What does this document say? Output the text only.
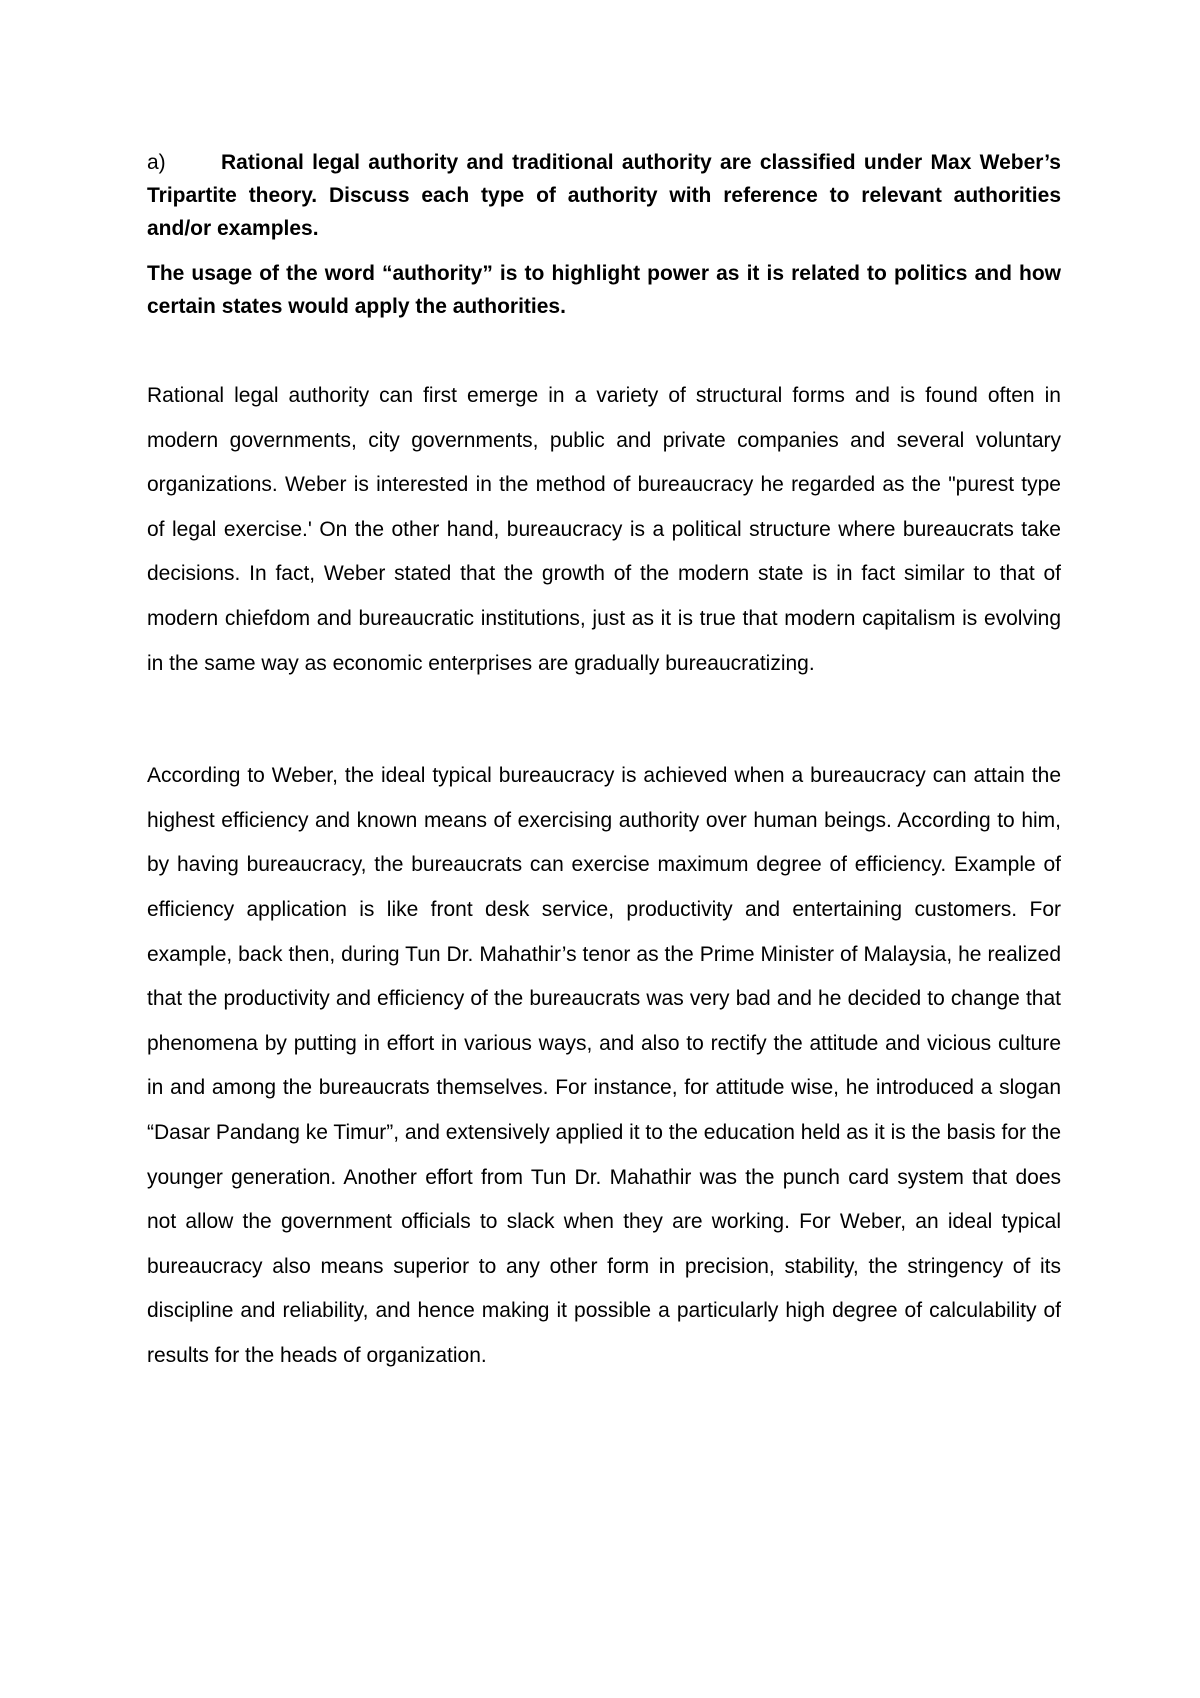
a)	Rational legal authority and traditional authority are classified under Max Weber’s Tripartite theory. Discuss each type of authority with reference to relevant authorities and/or examples.

The usage of the word “authority” is to highlight power as it is related to politics and how certain states would apply the authorities.

Rational legal authority can first emerge in a variety of structural forms and is found often in modern governments, city governments, public and private companies and several voluntary organizations. Weber is interested in the method of bureaucracy he regarded as the "purest type of legal exercise.' On the other hand, bureaucracy is a political structure where bureaucrats take decisions. In fact, Weber stated that the growth of the modern state is in fact similar to that of modern chiefdom and bureaucratic institutions, just as it is true that modern capitalism is evolving in the same way as economic enterprises are gradually bureaucratizing.

According to Weber, the ideal typical bureaucracy is achieved when a bureaucracy can attain the highest efficiency and known means of exercising authority over human beings. According to him, by having bureaucracy, the bureaucrats can exercise maximum degree of efficiency. Example of efficiency application is like front desk service, productivity and entertaining customers. For example, back then, during Tun Dr. Mahathir’s tenor as the Prime Minister of Malaysia, he realized that the productivity and efficiency of the bureaucrats was very bad and he decided to change that phenomena by putting in effort in various ways, and also to rectify the attitude and vicious culture in and among the bureaucrats themselves. For instance, for attitude wise, he introduced a slogan “Dasar Pandang ke Timur”, and extensively applied it to the education held as it is the basis for the younger generation. Another effort from Tun Dr. Mahathir was the punch card system that does not allow the government officials to slack when they are working. For Weber, an ideal typical bureaucracy also means superior to any other form in precision, stability, the stringency of its discipline and reliability, and hence making it possible a particularly high degree of calculability of results for the heads of organization.
